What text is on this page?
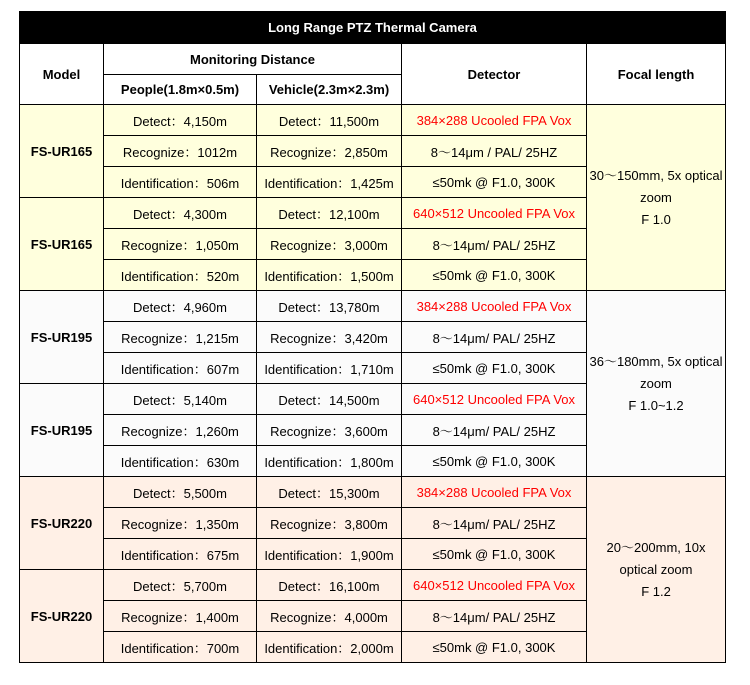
Long Range PTZ Thermal Camera				
Model	Monitoring Distance		Detector	Focal length
	People(1.8m×0.5m)	Vehicle(2.3m×2.3m)		
FS-UR165	Detect：4,150m	Detect：11,500m	384×288 Ucooled FPA Vox	30～150mm, 5x optical
zoom
F 1.0

	Recognize：1012m	Recognize：2,850m	8～14μm / PAL/ 25HZ	
	Identification：506m	Identification：1,425m	≤50mk @ F1.0, 300K	
FS-UR165	Detect：4,300m	Detect：12,100m	640×512 Uncooled FPA Vox	
	Recognize：1,050m	Recognize：3,000m	8～14μm/ PAL/ 25HZ	
	Identification：520m	Identification：1,500m	≤50mk @ F1.0, 300K	
FS-UR195	Detect：4,960m	Detect：13,780m	384×288 Ucooled FPA Vox	36～180mm, 5x optical
zoom
F 1.0~1.2

	Recognize：1,215m	Recognize：3,420m	8～14μm/ PAL/ 25HZ	
	Identification：607m	Identification：1,710m	≤50mk @ F1.0, 300K	
FS-UR195	Detect：5,140m	Detect：14,500m	640×512 Uncooled FPA Vox	
	Recognize：1,260m	Recognize：3,600m	8～14μm/ PAL/ 25HZ	
	Identification：630m	Identification：1,800m	≤50mk @ F1.0, 300K	
FS-UR220	Detect：5,500m	Detect：15,300m	384×288 Ucooled FPA Vox	20～200mm, 10x
optical zoom
F 1.2

	Recognize：1,350m	Recognize：3,800m	8～14μm/ PAL/ 25HZ	
	Identification：675m	Identification：1,900m	≤50mk @ F1.0, 300K	
FS-UR220	Detect：5,700m	Detect：16,100m	640×512 Uncooled FPA Vox	
	Recognize：1,400m	Recognize：4,000m	8～14μm/ PAL/ 25HZ	
	Identification：700m	Identification：2,000m	≤50mk @ F1.0, 300K	
